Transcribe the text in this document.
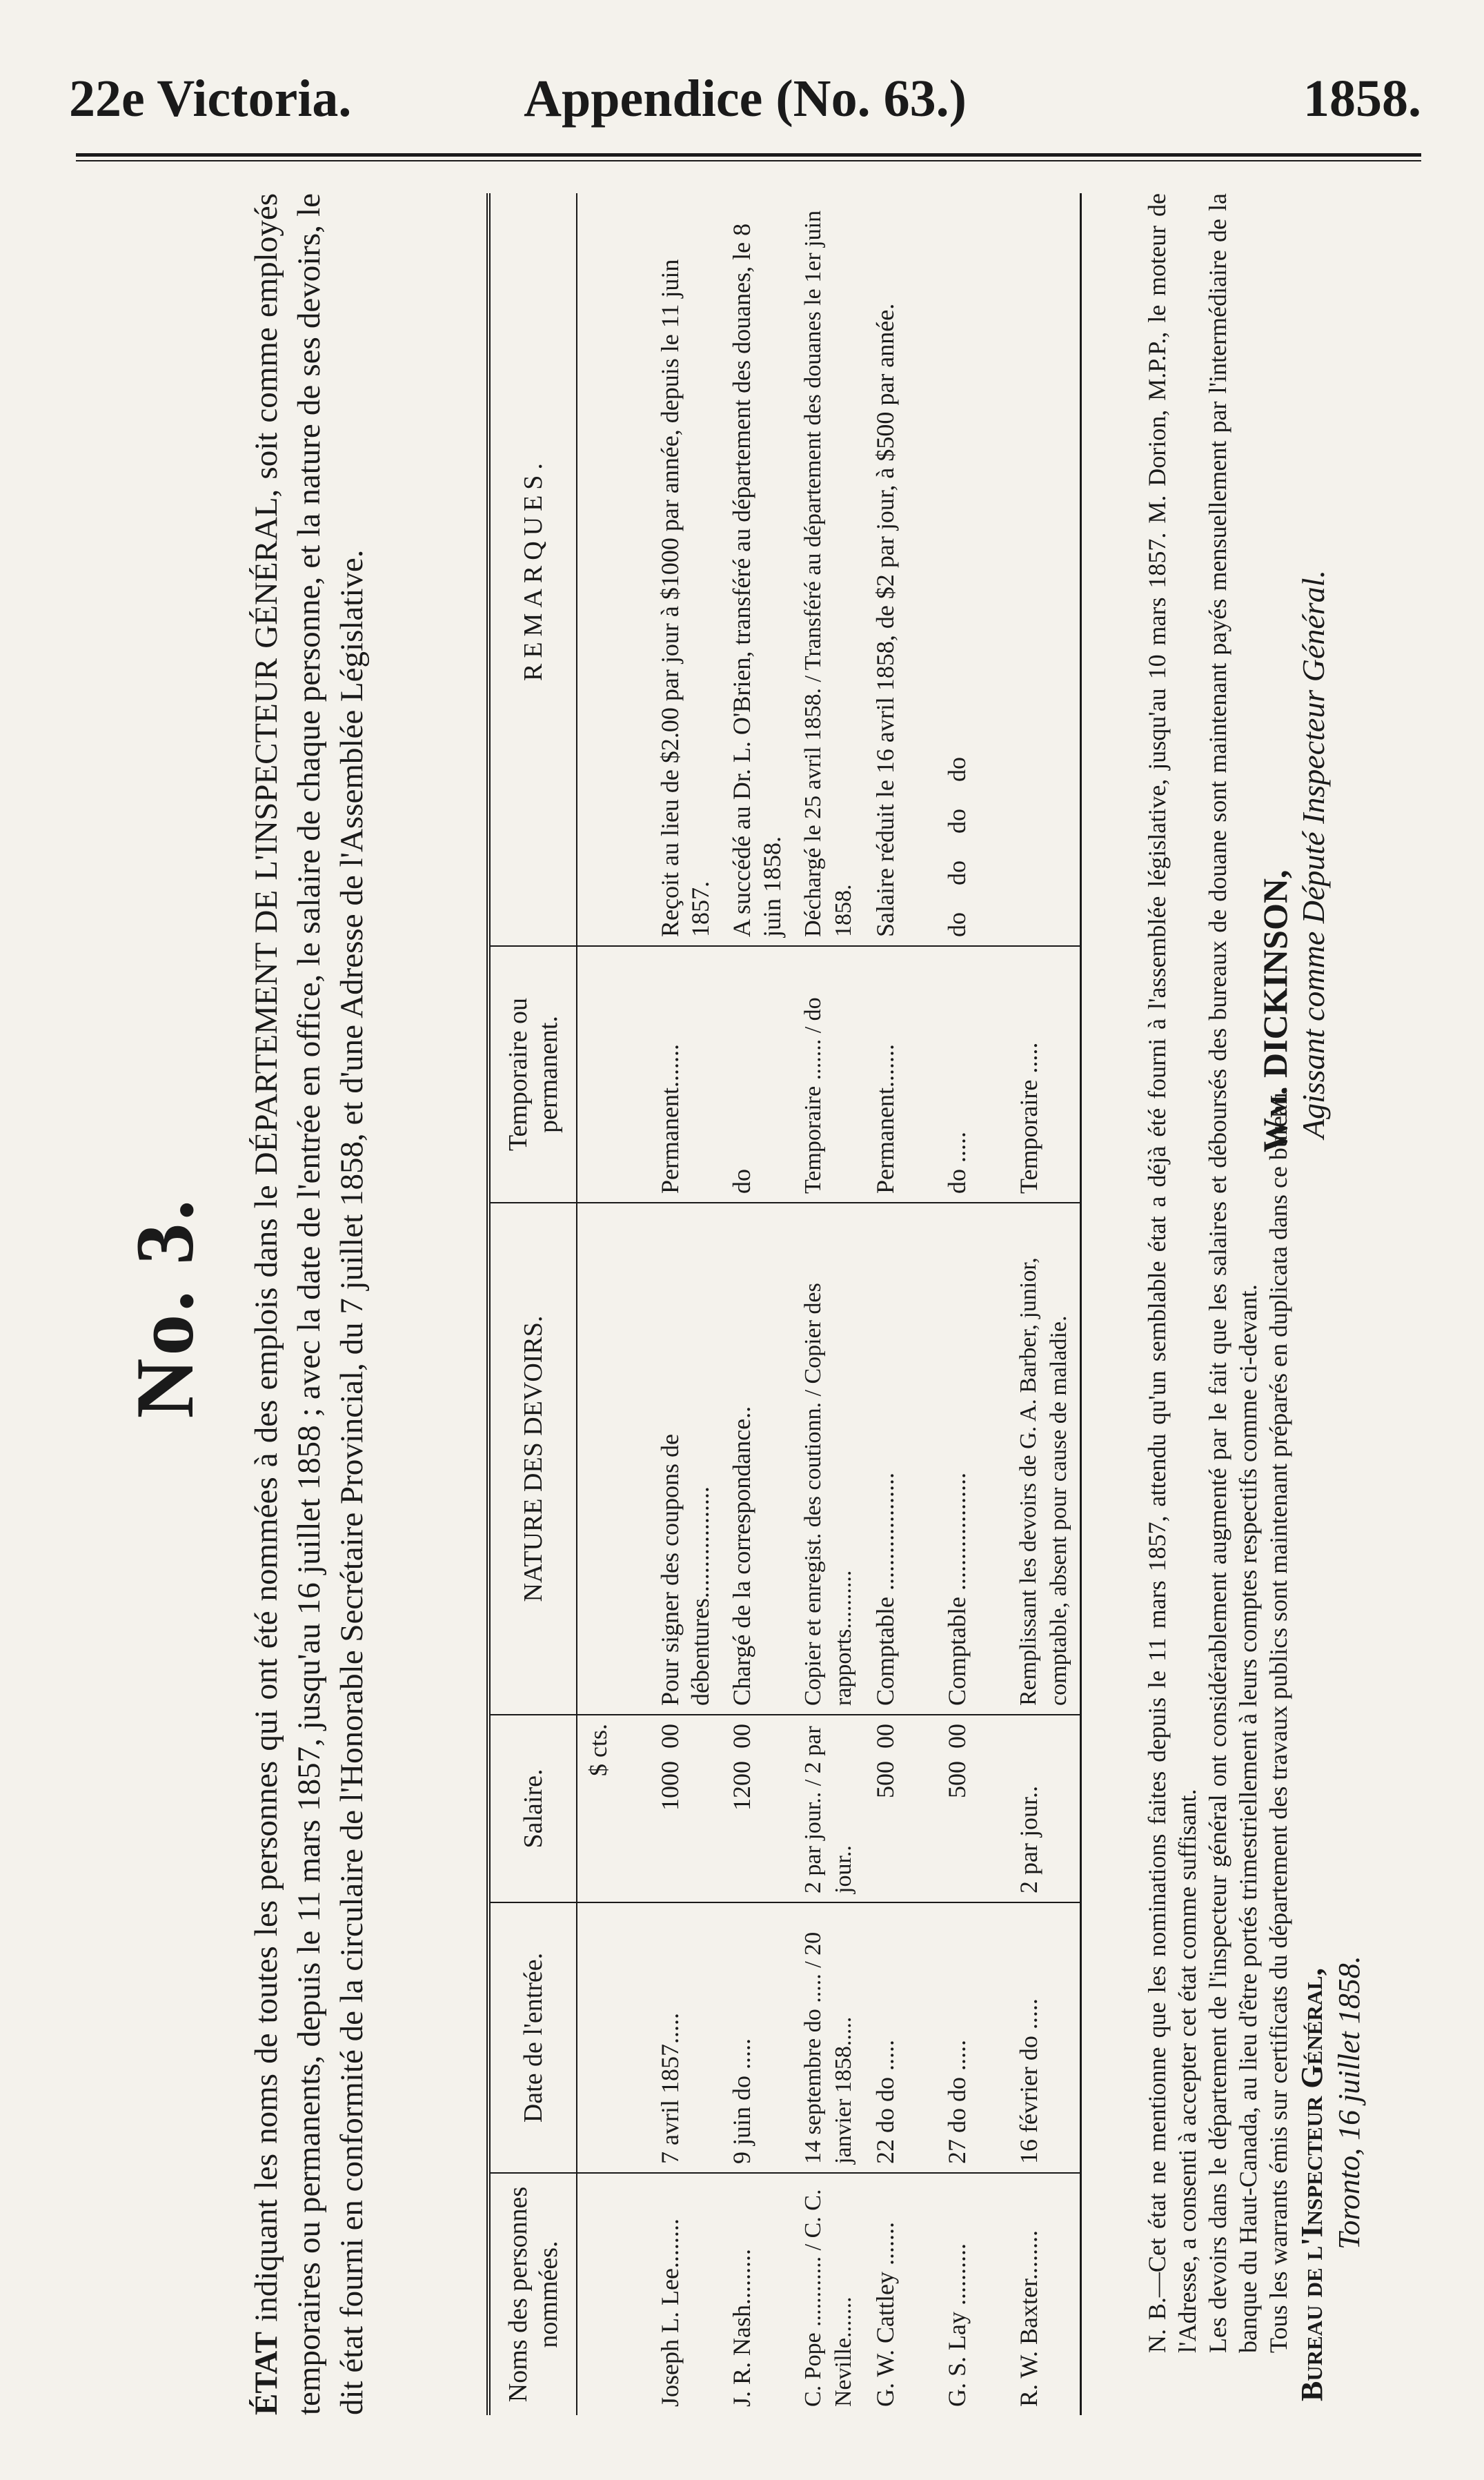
22e Victoria.	Appendice (No. 63.)	1858.
No. 3.
ÉTAT indiquant les noms de toutes les personnes qui ont été nommées à des emplois dans le DÉPARTEMENT DE L'INSPECTEUR GÉNÉRAL, soit comme employés temporaires ou permanents, depuis le 11 mars 1857, jusqu'au 16 juillet 1858 ; avec la date de l'entrée en office, le salaire de chaque personne, et la nature de ses devoirs, le dit état fourni en conformité de la circulaire de l'Honorable Secrétaire Provincial, du 7 juillet 1858, et d'une Adresse de l'Assemblée Législative.	Noms des personnes nommées.	Date de l'entrée.	Salaire.	NATURE DES DEVOIRS.	Temporaire ou permanent.	REMARQUES.
		$ cts.			
Joseph L. Lee........	7 avril 1857.....	1000  00	Pour signer des coupons de débentures..................	Permanent.......	Reçoit au lieu de $2.00 par jour à $1000 par année, depuis le 11 juin 1857.
J. R. Nash.........	9 juin do .....	1200  00	Chargé de la correspondance..	do	A succédé au Dr. L. O'Brien, transféré au département des douanes, le 8 juin 1858.
C. Pope ............ / C. C. Neville.......	14 septembre do ..... / 20 janvier 1858.....	2 par jour.. / 2 par jour..	Copier et enregist. des coutionn. / Copier des rapports..........	Temporaire ....... / do	Déchargé le 25 avril 1858. / Transféré au département des douanes le 1er juin 1858.
G. W. Cattley .......	22 do do .....	500  00	Comptable ...................	Permanent.......	Salaire réduit le 16 avril 1858, de $2 par jour, à $500 par année.
G. S. Lay ..........	27 do do .....	500  00	Comptable ...................	do .....	do do do do
R. W. Baxter........	16 février do .....	2 par jour..	Remplissant les devoirs de G. A. Barber, junior, comptable, absent pour cause de maladie.	Temporaire .....		N. B.—Cet état ne mentionne que les nominations faites depuis le 11 mars 1857, attendu qu'un semblable état a déjà été fourni à l'assemblée législative, jusqu'au 10 mars 1857. M. Dorion, M.P.P., le moteur de l'Adresse, a consenti à accepter cet état comme suffisant. Les devoirs dans le département de l'inspecteur général ont considérablement augmenté par le fait que les salaires et déboursés des bureaux de douane sont maintenant payés mensuellement par l'intermédiaire de la banque du Haut-Canada, au lieu d'être portés trimestriellement à leurs comptes respectifs comme ci-devant. Tous les warrants émis sur certificats du département des travaux publics sont maintenant préparés en duplicata dans ce bureau. Bureau de l'Inspecteur Général, Toronto, 16 juillet 1858.
Wm. DICKINSON, Agissant comme Député Inspecteur Général.
